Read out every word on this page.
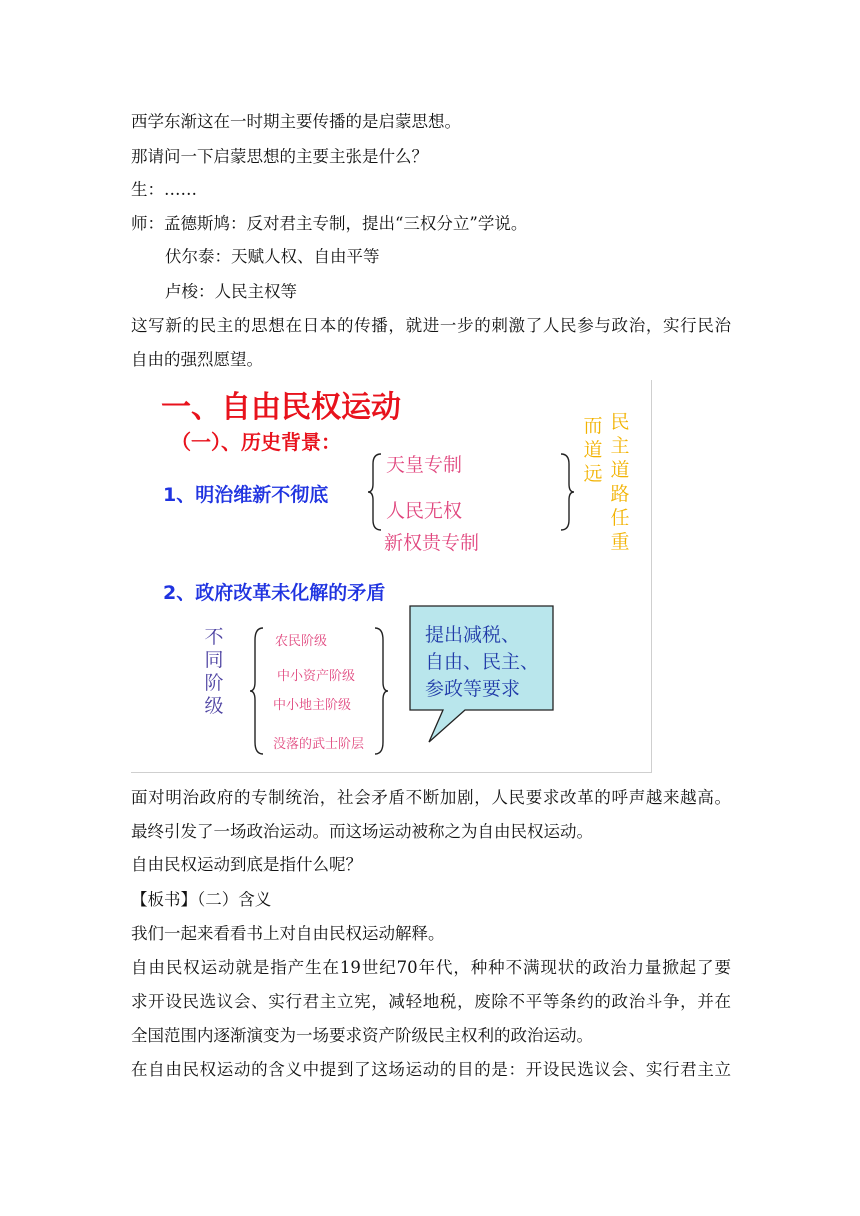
西学东渐这在一时期主要传播的是启蒙思想。
那请问一下启蒙思想的主要主张是什么？
生：……
师：孟德斯鸠：反对君主专制，提出“三权分立”学说。
伏尔泰：天赋人权、自由平等
卢梭：人民主权等
这写新的民主的思想在日本的传播，就进一步的刺激了人民参与政治，实行民治
自由的强烈愿望。
一、自由民权运动
（一）、历史背景：
1、明治维新不彻底
天皇专制
人民无权
新权贵专制
民主道路任重
而道远
2、政府改革未化解的矛盾
不同阶级
农民阶级
中小资产阶级
中小地主阶级
没落的武士阶层
提出减税、
自由、民主、
参政等要求
面对明治政府的专制统治，社会矛盾不断加剧，人民要求改革的呼声越来越高。
最终引发了一场政治运动。而这场运动被称之为自由民权运动。
自由民权运动到底是指什么呢？
【板书】（二）含义
我们一起来看看书上对自由民权运动解释。
自由民权运动就是指产生在19世纪70年代，种种不满现状的政治力量掀起了要
求开设民选议会、实行君主立宪，减轻地税，废除不平等条约的政治斗争，并在
全国范围内逐渐演变为一场要求资产阶级民主权利的政治运动。
在自由民权运动的含义中提到了这场运动的目的是：开设民选议会、实行君主立
